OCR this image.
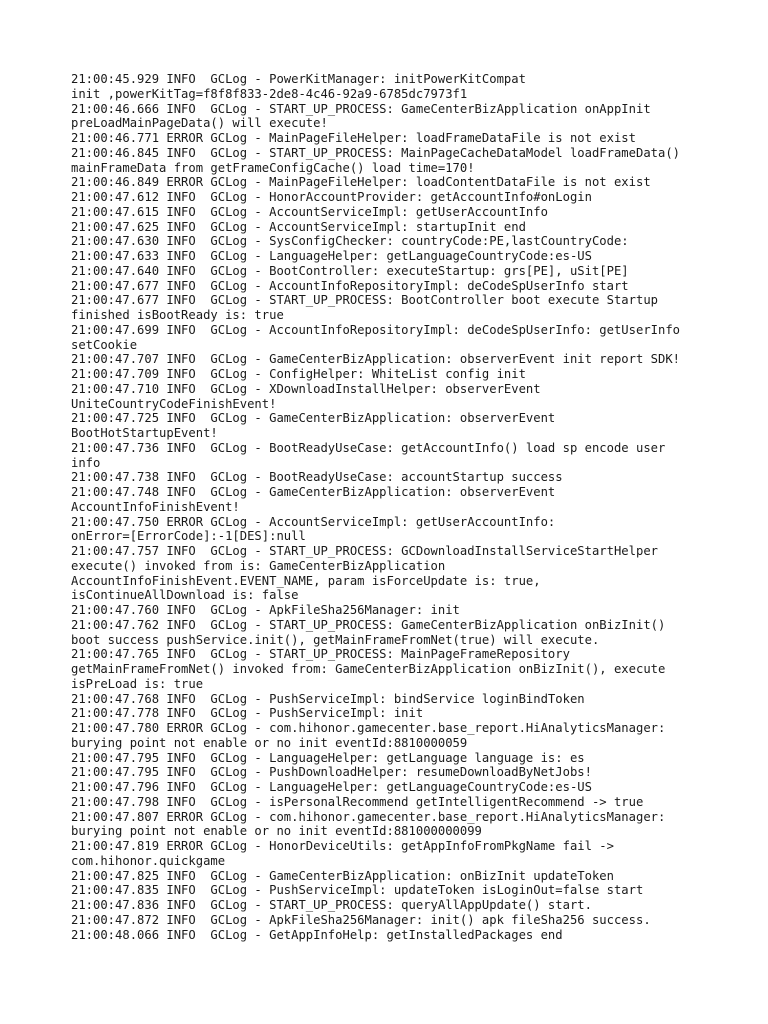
21:00:45.929 INFO  GCLog - PowerKitManager: initPowerKitCompat

init ,powerKitTag=f8f8f833-2de8-4c46-92a9-6785dc7973f1

21:00:46.666 INFO  GCLog - START_UP_PROCESS: GameCenterBizApplication onAppInit

preLoadMainPageData() will execute!

21:00:46.771 ERROR GCLog - MainPageFileHelper: loadFrameDataFile is not exist

21:00:46.845 INFO  GCLog - START_UP_PROCESS: MainPageCacheDataModel loadFrameData()

mainFrameData from getFrameConfigCache() load time=170!

21:00:46.849 ERROR GCLog - MainPageFileHelper: loadContentDataFile is not exist

21:00:47.612 INFO  GCLog - HonorAccountProvider: getAccountInfo#onLogin

21:00:47.615 INFO  GCLog - AccountServiceImpl: getUserAccountInfo

21:00:47.625 INFO  GCLog - AccountServiceImpl: startupInit end

21:00:47.630 INFO  GCLog - SysConfigChecker: countryCode:PE,lastCountryCode:

21:00:47.633 INFO  GCLog - LanguageHelper: getLanguageCountryCode:es-US

21:00:47.640 INFO  GCLog - BootController: executeStartup: grs[PE], uSit[PE]

21:00:47.677 INFO  GCLog - AccountInfoRepositoryImpl: deCodeSpUserInfo start

21:00:47.677 INFO  GCLog - START_UP_PROCESS: BootController boot execute Startup

finished isBootReady is: true

21:00:47.699 INFO  GCLog - AccountInfoRepositoryImpl: deCodeSpUserInfo: getUserInfo

setCookie

21:00:47.707 INFO  GCLog - GameCenterBizApplication: observerEvent init report SDK!

21:00:47.709 INFO  GCLog - ConfigHelper: WhiteList config init

21:00:47.710 INFO  GCLog - XDownloadInstallHelper: observerEvent

UniteCountryCodeFinishEvent!

21:00:47.725 INFO  GCLog - GameCenterBizApplication: observerEvent

BootHotStartupEvent!

21:00:47.736 INFO  GCLog - BootReadyUseCase: getAccountInfo() load sp encode user

info

21:00:47.738 INFO  GCLog - BootReadyUseCase: accountStartup success

21:00:47.748 INFO  GCLog - GameCenterBizApplication: observerEvent

AccountInfoFinishEvent!

21:00:47.750 ERROR GCLog - AccountServiceImpl: getUserAccountInfo:

onError=[ErrorCode]:-1[DES]:null

21:00:47.757 INFO  GCLog - START_UP_PROCESS: GCDownloadInstallServiceStartHelper

execute() invoked from is: GameCenterBizApplication

AccountInfoFinishEvent.EVENT_NAME, param isForceUpdate is: true,

isContinueAllDownload is: false

21:00:47.760 INFO  GCLog - ApkFileSha256Manager: init

21:00:47.762 INFO  GCLog - START_UP_PROCESS: GameCenterBizApplication onBizInit()

boot success pushService.init(), getMainFrameFromNet(true) will execute.

21:00:47.765 INFO  GCLog - START_UP_PROCESS: MainPageFrameRepository

getMainFrameFromNet() invoked from: GameCenterBizApplication onBizInit(), execute

isPreLoad is: true

21:00:47.768 INFO  GCLog - PushServiceImpl: bindService loginBindToken

21:00:47.778 INFO  GCLog - PushServiceImpl: init

21:00:47.780 ERROR GCLog - com.hihonor.gamecenter.base_report.HiAnalyticsManager:

burying point not enable or no init eventId:8810000059

21:00:47.795 INFO  GCLog - LanguageHelper: getLanguage language is: es

21:00:47.795 INFO  GCLog - PushDownloadHelper: resumeDownloadByNetJobs!

21:00:47.796 INFO  GCLog - LanguageHelper: getLanguageCountryCode:es-US

21:00:47.798 INFO  GCLog - isPersonalRecommend getIntelligentRecommend -> true

21:00:47.807 ERROR GCLog - com.hihonor.gamecenter.base_report.HiAnalyticsManager:

burying point not enable or no init eventId:881000000099

21:00:47.819 ERROR GCLog - HonorDeviceUtils: getAppInfoFromPkgName fail ->

com.hihonor.quickgame

21:00:47.825 INFO  GCLog - GameCenterBizApplication: onBizInit updateToken

21:00:47.835 INFO  GCLog - PushServiceImpl: updateToken isLoginOut=false start

21:00:47.836 INFO  GCLog - START_UP_PROCESS: queryAllAppUpdate() start.

21:00:47.872 INFO  GCLog - ApkFileSha256Manager: init() apk fileSha256 success.

21:00:48.066 INFO  GCLog - GetAppInfoHelp: getInstalledPackages end
